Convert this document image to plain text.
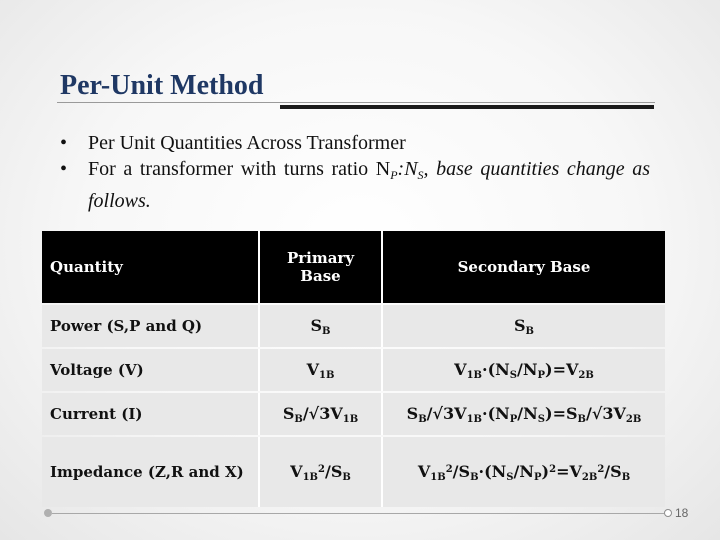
Per-Unit Method
•	Per Unit Quantities Across Transformer
•	For a transformer with turns ratio $N_P:N_S$, base quantities change as follows.
Quantity	Primary Base	Secondary Base
Power (S,P and Q)	$S_B$	$S_B$
Voltage (V)	$V_{1B}$	$V_{1B}\cdot(N_S/N_P)=V_{2B}$
Current (I)	$S_B/√3V_{1B}$	$S_B/√3V_{1B}\cdot(N_P/N_S)=S_B/√3V_{2B}$
Impedance (Z,R and X)	$V_{1B}^2/S_B$	$V_{1B}^2/S_B\cdot(N_S/N_P)^2=V_{2B}^2/S_B$
18
